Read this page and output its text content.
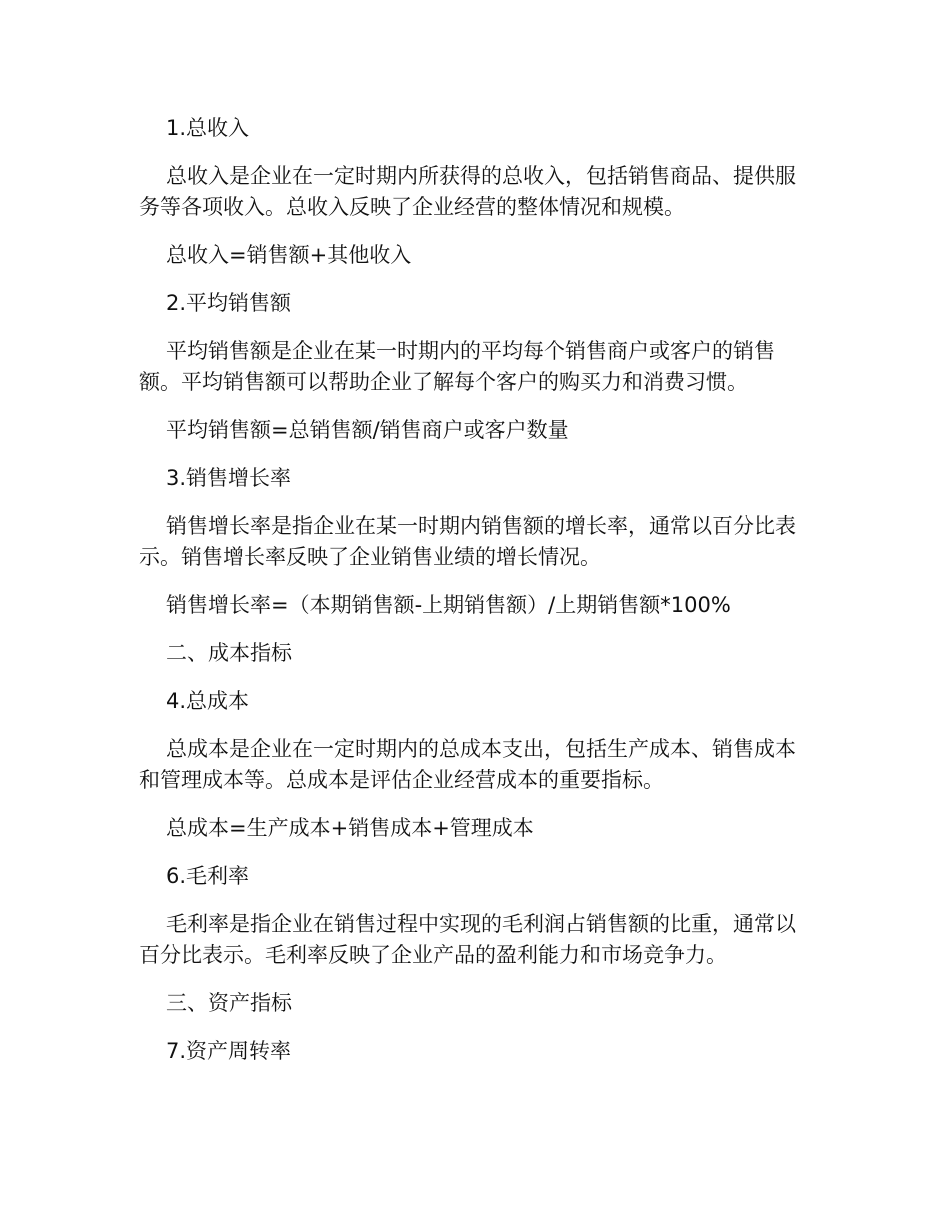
1.总收入

总收入是企业在一定时期内所获得的总收入，包括销售商品、提供服务等各项收入。总收入反映了企业经营的整体情况和规模。

总收入=销售额+其他收入

2.平均销售额

平均销售额是企业在某一时期内的平均每个销售商户或客户的销售额。平均销售额可以帮助企业了解每个客户的购买力和消费习惯。

平均销售额=总销售额/销售商户或客户数量

3.销售增长率

销售增长率是指企业在某一时期内销售额的增长率，通常以百分比表示。销售增长率反映了企业销售业绩的增长情况。

销售增长率=（本期销售额-上期销售额）/上期销售额*100%

二、成本指标

4.总成本

总成本是企业在一定时期内的总成本支出，包括生产成本、销售成本和管理成本等。总成本是评估企业经营成本的重要指标。

总成本=生产成本+销售成本+管理成本

6.毛利率

毛利率是指企业在销售过程中实现的毛利润占销售额的比重，通常以百分比表示。毛利率反映了企业产品的盈利能力和市场竞争力。

三、资产指标

7.资产周转率
